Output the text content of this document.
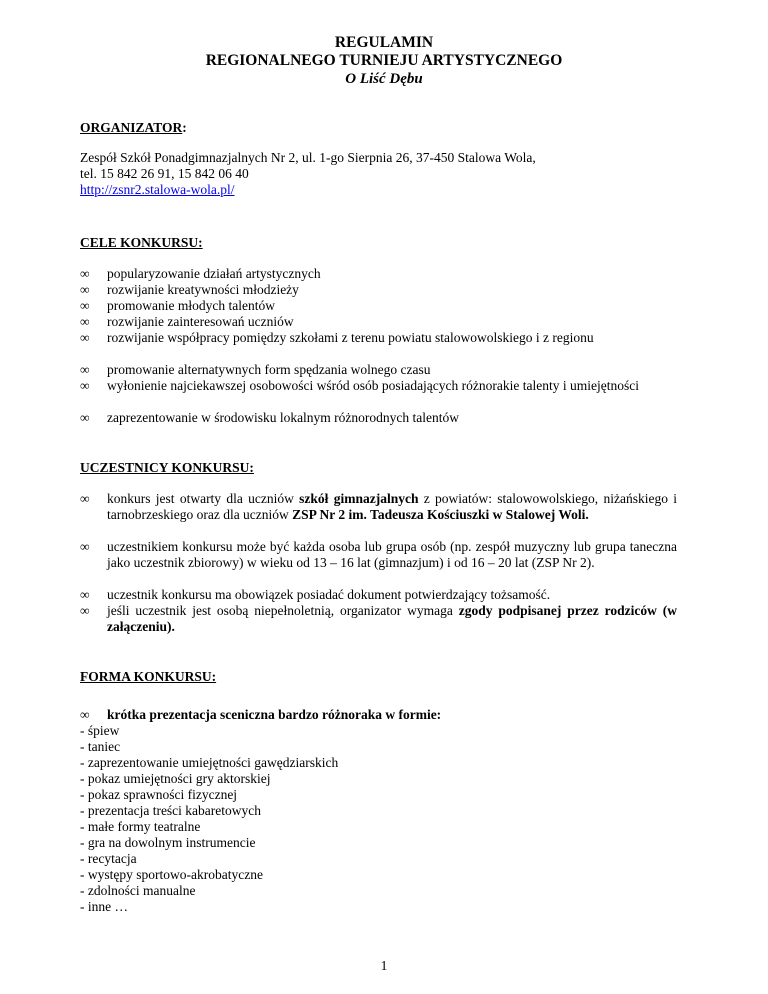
REGULAMIN
REGIONALNEGO TURNIEJU ARTYSTYCZNEGO
O Liść Dębu
ORGANIZATOR:
Zespół Szkół Ponadgimnazjalnych Nr 2, ul. 1-go Sierpnia 26, 37-450 Stalowa Wola,
tel. 15 842 26 91, 15 842 06 40
http://zsnr2.stalowa-wola.pl/
CELE KONKURSU:
∞	popularyzowanie działań artystycznych
∞	rozwijanie kreatywności młodzieży
∞	promowanie młodych talentów
∞	rozwijanie zainteresowań uczniów
∞	rozwijanie współpracy pomiędzy szkołami z terenu powiatu stalowowolskiego i z regionu
∞	promowanie alternatywnych form spędzania wolnego czasu
∞	wyłonienie najciekawszej osobowości wśród osób posiadających różnorakie talenty i umiejętności
∞	zaprezentowanie w środowisku lokalnym różnorodnych talentów
UCZESTNICY KONKURSU:
∞	konkurs jest otwarty dla uczniów szkół gimnazjalnych z powiatów: stalowowolskiego, niżańskiego i tarnobrzeskiego oraz dla uczniów ZSP Nr 2 im. Tadeusza Kościuszki w Stalowej Woli.
∞	uczestnikiem konkursu może być każda osoba lub grupa osób (np. zespół muzyczny lub grupa taneczna jako uczestnik zbiorowy) w wieku od 13 – 16 lat (gimnazjum) i od 16 – 20 lat (ZSP Nr 2).
∞	uczestnik konkursu ma obowiązek posiadać dokument potwierdzający tożsamość.
∞	jeśli uczestnik jest osobą niepełnoletnią, organizator wymaga zgody podpisanej przez rodziców (w załączeniu).
FORMA KONKURSU:
∞	krótka prezentacja sceniczna bardzo różnoraka w formie:
- śpiew
- taniec
- zaprezentowanie umiejętności gawędziarskich
- pokaz umiejętności gry aktorskiej
- pokaz sprawności fizycznej
- prezentacja treści kabaretowych
- małe formy teatralne
- gra na dowolnym instrumencie
- recytacja
- występy sportowo-akrobatyczne
- zdolności manualne
- inne …
1
